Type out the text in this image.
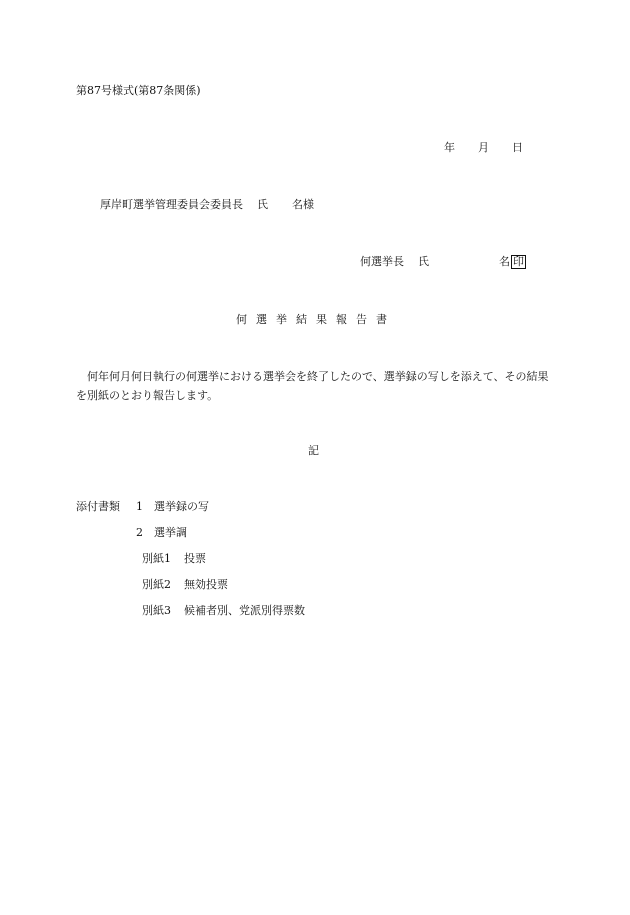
第87号様式(第87条関係)
年 月 日
厚岸町選挙管理委員会委員長 氏 名様
何選挙長 氏	名 印
何選挙結果報告書
何年何月何日執行の何選挙における選挙会を終了したので、選挙録の写しを添えて、その結果を別紙のとおり報告します。
記
添付書類 1 選挙録の写
2 選挙調
別紙1 投票
別紙2 無効投票
別紙3 候補者別、党派別得票数
